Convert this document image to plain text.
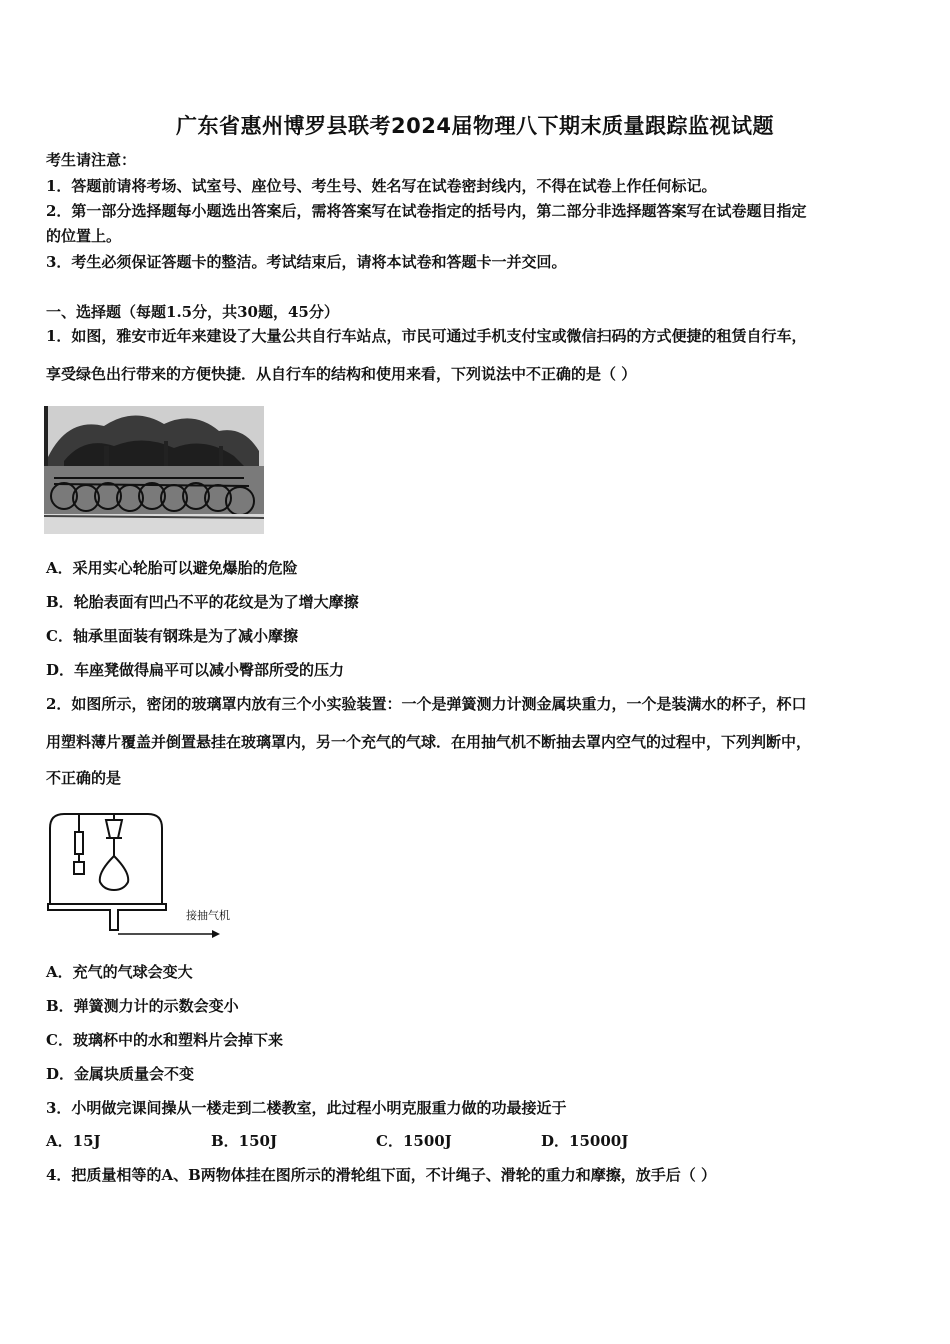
广东省惠州博罗县联考2024届物理八下期末质量跟踪监视试题
考生请注意：
1．答题前请将考场、试室号、座位号、考生号、姓名写在试卷密封线内，不得在试卷上作任何标记。
2．第一部分选择题每小题选出答案后，需将答案写在试卷指定的括号内，第二部分非选择题答案写在试卷题目指定
的位置上。
3．考生必须保证答题卡的整洁。考试结束后，请将本试卷和答题卡一并交回。
一、选择题（每题1.5分，共30题，45分）
1．如图，雅安市近年来建设了大量公共自行车站点，市民可通过手机支付宝或微信扫码的方式便捷的租赁自行车，
享受绿色出行带来的方便快捷．从自行车的结构和使用来看，下列说法中不正确的是（ ）
A．采用实心轮胎可以避免爆胎的危险
B．轮胎表面有凹凸不平的花纹是为了增大摩擦
C．轴承里面装有钢珠是为了减小摩擦
D．车座凳做得扁平可以减小臀部所受的压力
2．如图所示，密闭的玻璃罩内放有三个小实验装置：一个是弹簧测力计测金属块重力，一个是装满水的杯子，杯口
用塑料薄片覆盖并倒置悬挂在玻璃罩内，另一个充气的气球．在用抽气机不断抽去罩内空气的过程中，下列判断中，
不正确的是
接抽气机
A．充气的气球会变大
B．弹簧测力计的示数会变小
C．玻璃杯中的水和塑料片会掉下来
D．金属块质量会不变
3．小明做完课间操从一楼走到二楼教室，此过程小明克服重力做的功最接近于
A．15J	B．150J	C．1500J	D．15000J
4．把质量相等的A、B两物体挂在图所示的滑轮组下面，不计绳子、滑轮的重力和摩擦，放手后（ ）
